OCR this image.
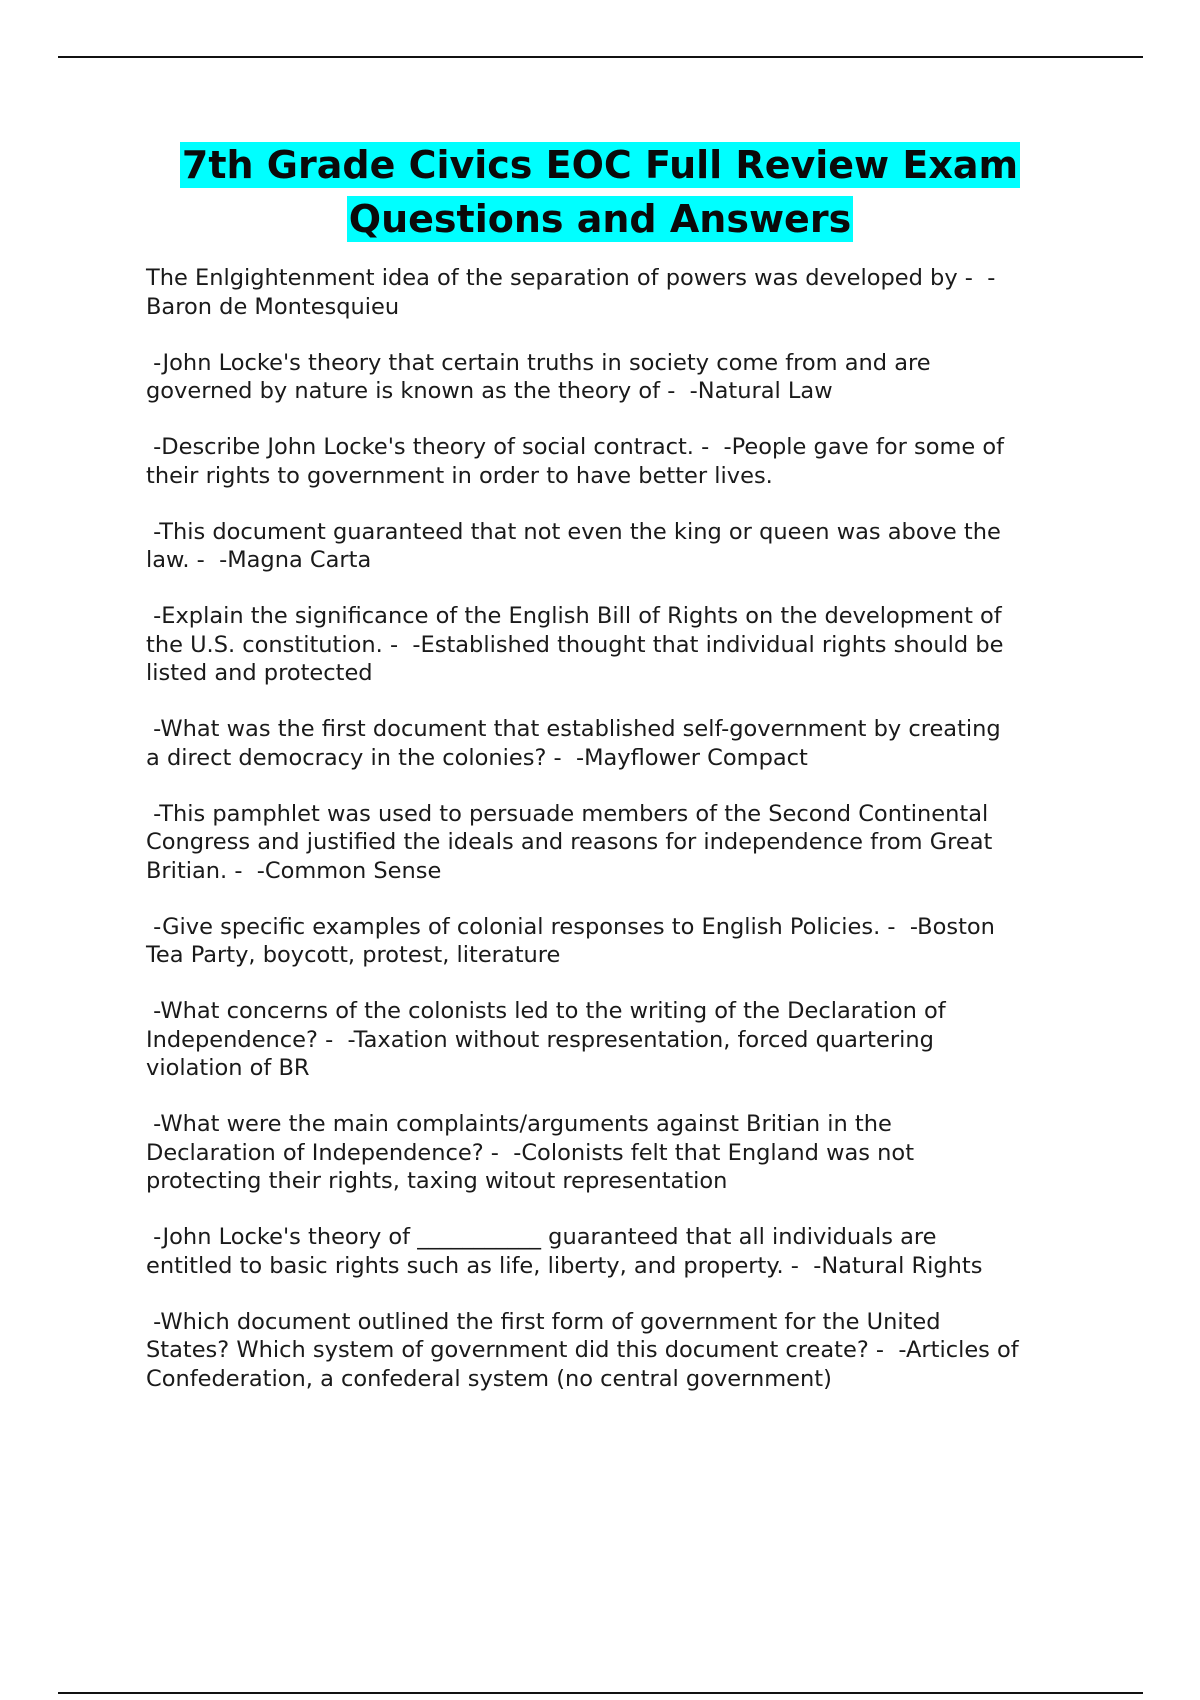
7th Grade Civics EOC Full Review Exam
Questions and Answers
The Enlgightenment idea of the separation of powers was developed by -  -
Baron de Montesquieu
-John Locke's theory that certain truths in society come from and are
governed by nature is known as the theory of -  -Natural Law
-Describe John Locke's theory of social contract. -  -People gave for some of
their rights to government in order to have better lives.
-This document guaranteed that not even the king or queen was above the
law. -  -Magna Carta
-Explain the significance of the English Bill of Rights on the development of
the U.S. constitution. -  -Established thought that individual rights should be
listed and protected
-What was the first document that established self-government by creating
a direct democracy in the colonies? -  -Mayflower Compact
-This pamphlet was used to persuade members of the Second Continental
Congress and justified the ideals and reasons for independence from Great
Britian. -  -Common Sense
-Give specific examples of colonial responses to English Policies. -  -Boston
Tea Party, boycott, protest, literature
-What concerns of the colonists led to the writing of the Declaration of
Independence? -  -Taxation without respresentation, forced quartering
violation of BR
-What were the main complaints/arguments against Britian in the
Declaration of Independence? -  -Colonists felt that England was not
protecting their rights, taxing witout representation
-John Locke's theory of ___________ guaranteed that all individuals are
entitled to basic rights such as life, liberty, and property. -  -Natural Rights
-Which document outlined the first form of government for the United
States? Which system of government did this document create? -  -Articles of
Confederation, a confederal system (no central government)
